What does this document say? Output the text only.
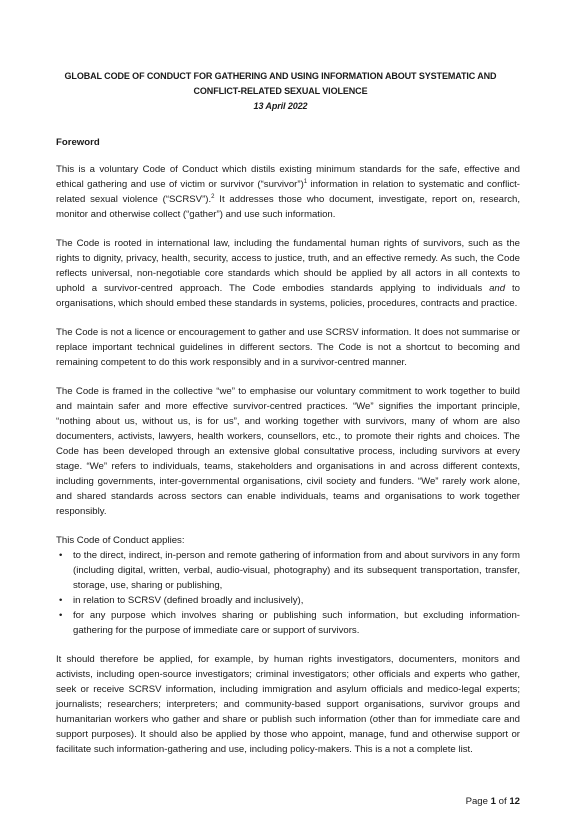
GLOBAL CODE OF CONDUCT FOR GATHERING AND USING INFORMATION ABOUT SYSTEMATIC AND
CONFLICT-RELATED SEXUAL VIOLENCE
13 April 2022
Foreword

This is a voluntary Code of Conduct which distils existing minimum standards for the safe, effective and ethical gathering and use of victim or survivor (“survivor”)$^1$ information in relation to systematic and conflict-related sexual violence (“SCRSV”).$^2$ It addresses those who document, investigate, report on, research, monitor and otherwise collect (“gather”) and use such information.

The Code is rooted in international law, including the fundamental human rights of survivors, such as the rights to dignity, privacy, health, security, access to justice, truth, and an effective remedy. As such, the Code reflects universal, non-negotiable core standards which should be applied by all actors in all contexts to uphold a survivor-centred approach. The Code embodies standards applying to individuals and to organisations, which should embed these standards in systems, policies, procedures, contracts and practice.

The Code is not a licence or encouragement to gather and use SCRSV information. It does not summarise or replace important technical guidelines in different sectors. The Code is not a shortcut to becoming and remaining competent to do this work responsibly and in a survivor-centred manner.

The Code is framed in the collective “we” to emphasise our voluntary commitment to work together to build and maintain safer and more effective survivor-centred practices. “We” signifies the important principle, “nothing about us, without us, is for us”, and working together with survivors, many of whom are also documenters, activists, lawyers, health workers, counsellors, etc., to promote their rights and choices. The Code has been developed through an extensive global consultative process, including survivors at every stage. “We” refers to individuals, teams, stakeholders and organisations in and across different contexts, including governments, inter-governmental organisations, civil society and funders. “We” rarely work alone, and shared standards across sectors can enable individuals, teams and organisations to work together responsibly.

This Code of Conduct applies:

• to the direct, indirect, in-person and remote gathering of information from and about survivors in any form (including digital, written, verbal, audio-visual, photography) and its subsequent transportation, transfer, storage, use, sharing or publishing,
• in relation to SCRSV (defined broadly and inclusively),
• for any purpose which involves sharing or publishing such information, but excluding information-gathering for the purpose of immediate care or support of survivors.

It should therefore be applied, for example, by human rights investigators, documenters, monitors and activists, including open-source investigators; criminal investigators; other officials and experts who gather, seek or receive SCRSV information, including immigration and asylum officials and medico-legal experts; journalists; researchers; interpreters; and community-based support organisations, survivor groups and humanitarian workers who gather and share or publish such information (other than for immediate care and support purposes). It should also be applied by those who appoint, manage, fund and otherwise support or facilitate such information-gathering and use, including policy-makers. This is a not a complete list.

Page 1 of 12
